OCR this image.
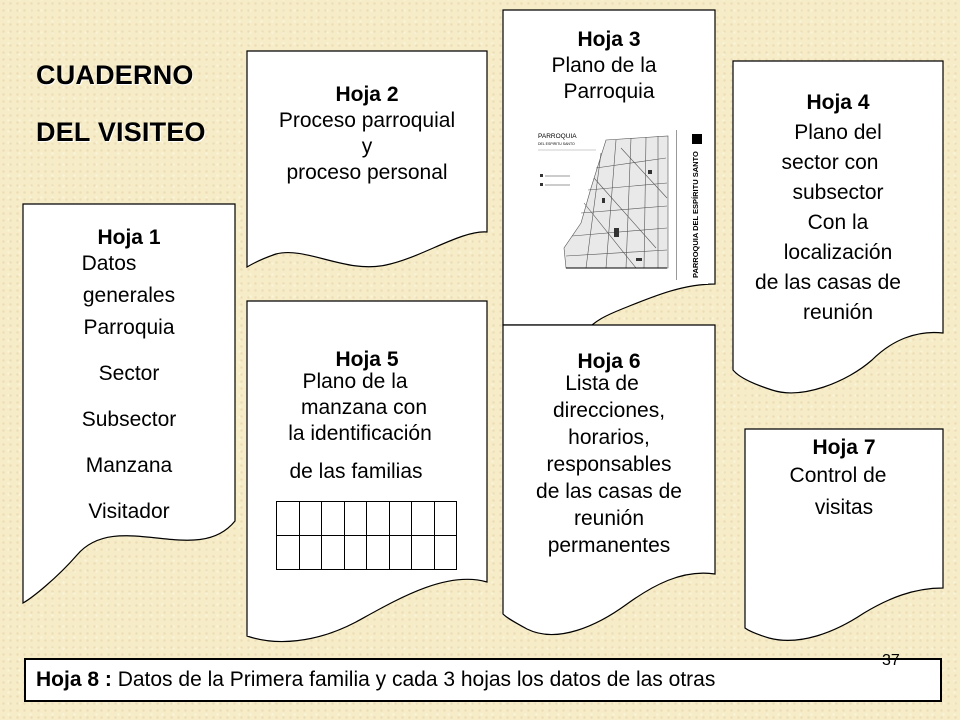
CUADERNO
DEL VISITEO
Hoja 1
Datos
generales
Parroquia
Sector
Subsector
Manzana
Visitador
Hoja 2
Proceso parroquial
y
proceso personal
Hoja 3
Plano de la
Parroquia
PARROQUIA
DEL ESPIRITU SANTO
PARROQUIA DEL ESPÍRITU SANTO
Hoja 4
Plano del
sector con
subsector
Con la
localización
de las casas de
reunión
Hoja 5
Plano de la
manzana con
la identificación
de las familias

Hoja 6
Lista de
direcciones,
horarios,
responsables
de las casas de
reunión
permanentes
Hoja 7
Control de
visitas
Hoja 8 : Datos de la Primera familia y cada 3 hojas los datos de las otras
37
